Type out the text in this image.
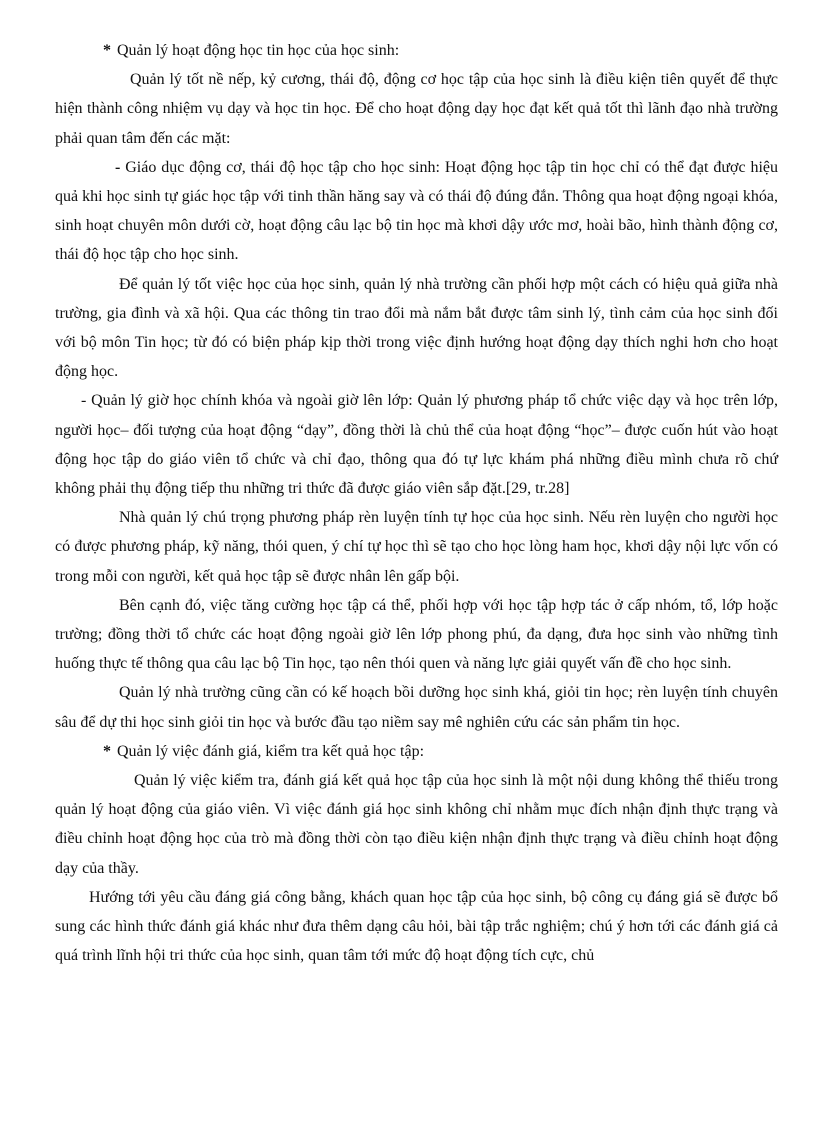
* Quản lý hoạt động học tin học của học sinh:

Quản lý tốt nề nếp, kỷ cương, thái độ, động cơ học tập của học sinh là điều kiện tiên quyết để thực hiện thành công nhiệm vụ dạy và học tin học. Để cho hoạt động dạy học đạt kết quả tốt thì lãnh đạo nhà trường phải quan tâm đến các mặt:

- Giáo dục động cơ, thái độ học tập cho học sinh: Hoạt động học tập tin học chỉ có thể đạt được hiệu quả khi học sinh tự giác học tập với tinh thần hăng say và có thái độ đúng đắn. Thông qua hoạt động ngoại khóa, sinh hoạt chuyên môn dưới cờ, hoạt động câu lạc bộ tin học mà khơi dậy ước mơ, hoài bão, hình thành động cơ, thái độ học tập cho học sinh.

Để quản lý tốt việc học của học sinh, quản lý nhà trường cần phối hợp một cách có hiệu quả giữa nhà trường, gia đình và xã hội. Qua các thông tin trao đổi mà nắm bắt được tâm sinh lý, tình cảm của học sinh đối với bộ môn Tin học; từ đó có biện pháp kịp thời trong việc định hướng hoạt động dạy thích nghi hơn cho hoạt động học.

- Quản lý giờ học chính khóa và ngoài giờ lên lớp: Quản lý phương pháp tổ chức việc dạy và học trên lớp, người học– đối tượng của hoạt động “dạy”, đồng thời là chủ thể của hoạt động “học”– được cuốn hút vào hoạt động học tập do giáo viên tổ chức và chỉ đạo, thông qua đó tự lực khám phá những điều mình chưa rõ chứ không phải thụ động tiếp thu những tri thức đã được giáo viên sắp đặt.[29, tr.28]

Nhà quản lý chú trọng phương pháp rèn luyện tính tự học của học sinh. Nếu rèn luyện cho người học có được phương pháp, kỹ năng, thói quen, ý chí tự học thì sẽ tạo cho học lòng ham học, khơi dậy nội lực vốn có trong mỗi con người, kết quả học tập sẽ được nhân lên gấp bội.

Bên cạnh đó, việc tăng cường học tập cá thể, phối hợp với học tập hợp tác ở cấp nhóm, tổ, lớp hoặc trường; đồng thời tổ chức các hoạt động ngoài giờ lên lớp phong phú, đa dạng, đưa học sinh vào những tình huống thực tế thông qua câu lạc bộ Tin học, tạo nên thói quen và năng lực giải quyết vấn đề cho học sinh.

Quản lý nhà trường cũng cần có kế hoạch bồi dưỡng học sinh khá, giỏi tin học; rèn luyện tính chuyên sâu để dự thi học sinh giỏi tin học và bước đầu tạo niềm say mê nghiên cứu các sản phẩm tin học.

* Quản lý việc đánh giá, kiểm tra kết quả học tập:

Quản lý việc kiểm tra, đánh giá kết quả học tập của học sinh là một nội dung không thể thiếu trong quản lý hoạt động của giáo viên. Vì việc đánh giá học sinh không chỉ nhằm mục đích nhận định thực trạng và điều chỉnh hoạt động học của trò mà đồng thời còn tạo điều kiện nhận định thực trạng và điều chỉnh hoạt động dạy của thầy.

Hướng tới yêu cầu đáng giá công bằng, khách quan học tập của học sinh, bộ công cụ đáng giá sẽ được bổ sung các hình thức đánh giá khác như đưa thêm dạng câu hỏi, bài tập trắc nghiệm; chú ý hơn tới các đánh giá cả quá trình lĩnh hội tri thức của học sinh, quan tâm tới mức độ hoạt động tích cực, chủ
